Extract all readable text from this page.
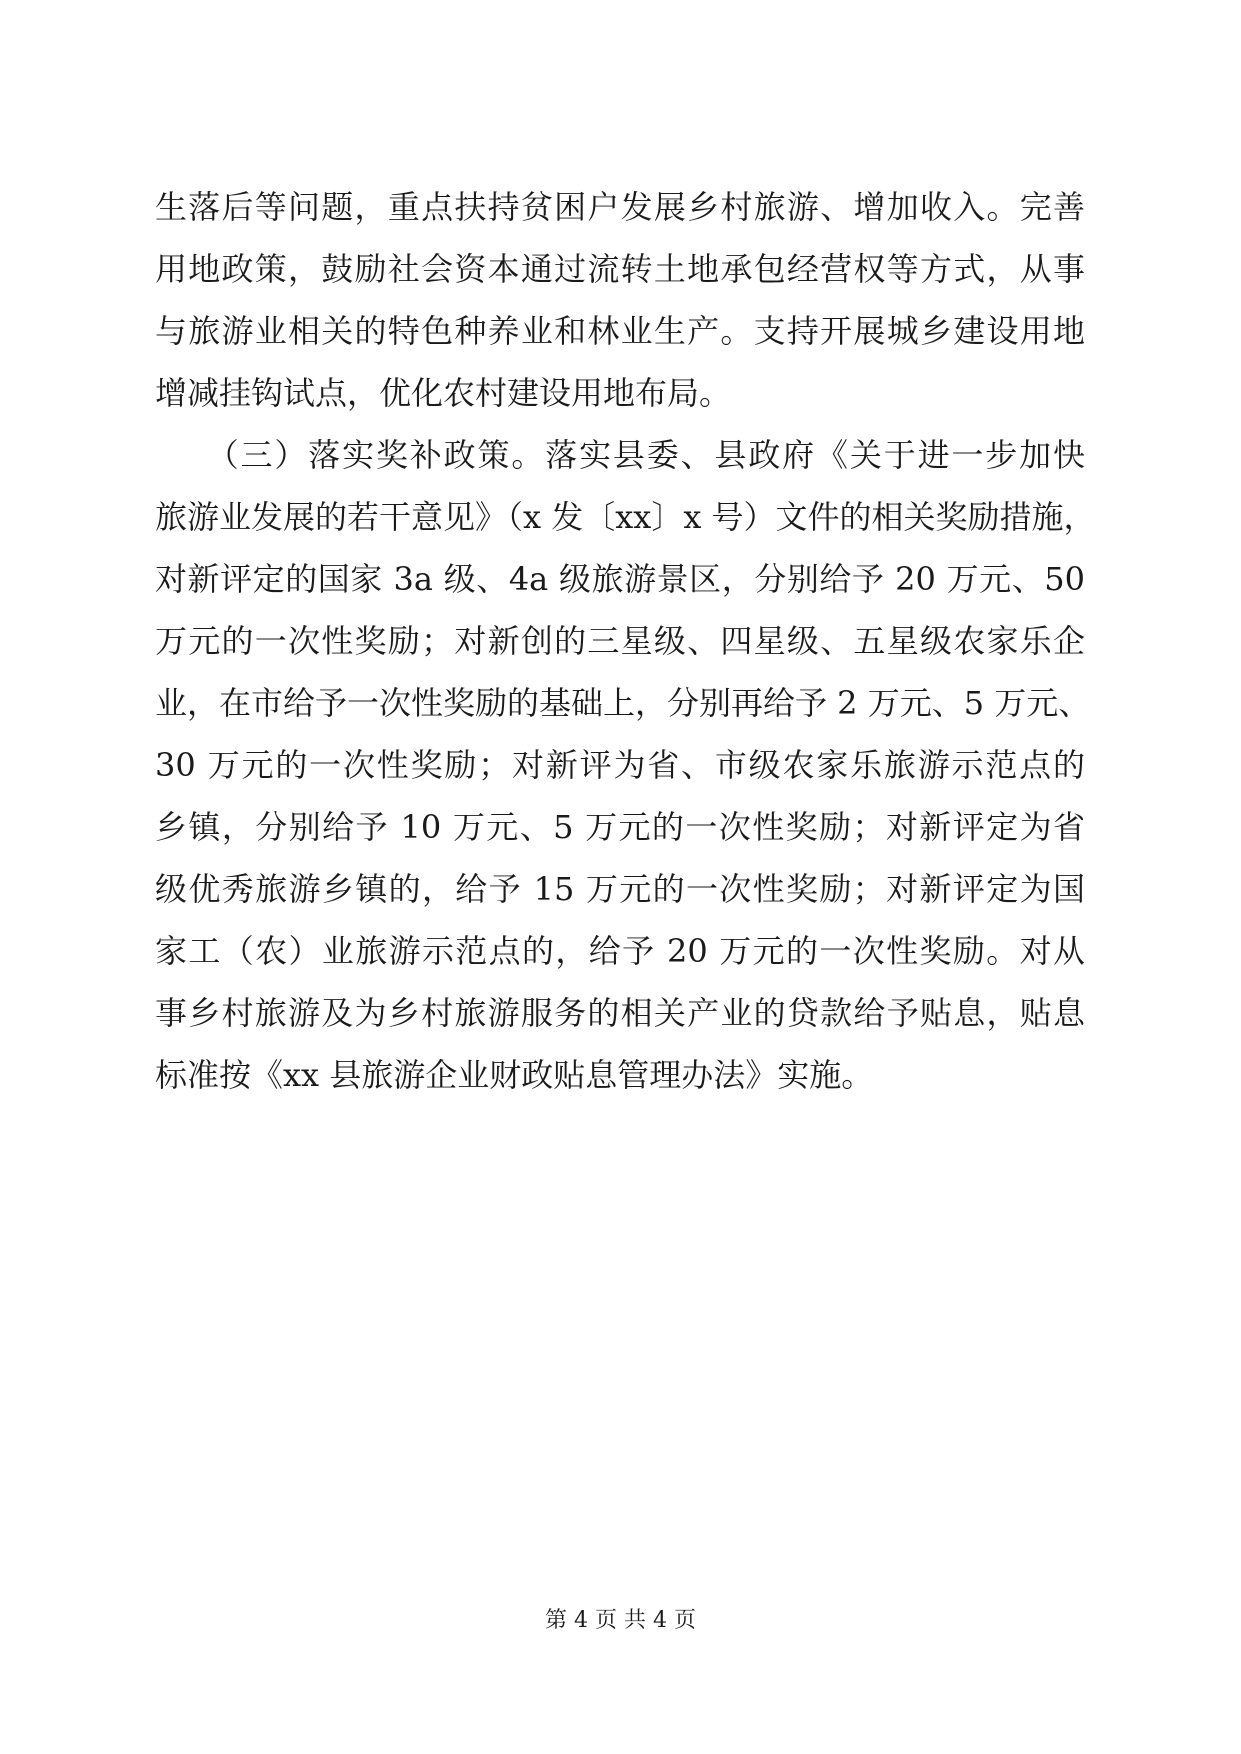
生落后等问题，重点扶持贫困户发展乡村旅游、增加收入。完善
用地政策，鼓励社会资本通过流转土地承包经营权等方式，从事
与旅游业相关的特色种养业和林业生产。支持开展城乡建设用地
增减挂钩试点，优化农村建设用地布局。
　　（三）落实奖补政策。落实县委、县政府《关于进一步加快
旅游业发展的若干意见》（x 发〔xx〕x 号）文件的相关奖励措施，
对新评定的国家 3a 级、4a 级旅游景区，分别给予 20 万元、50
万元的一次性奖励；对新创的三星级、四星级、五星级农家乐企
业，在市给予一次性奖励的基础上，分别再给予 2 万元、5 万元、
30 万元的一次性奖励；对新评为省、市级农家乐旅游示范点的
乡镇，分别给予 10 万元、5 万元的一次性奖励；对新评定为省
级优秀旅游乡镇的，给予 15 万元的一次性奖励；对新评定为国
家工（农）业旅游示范点的，给予 20 万元的一次性奖励。对从
事乡村旅游及为乡村旅游服务的相关产业的贷款给予贴息，贴息
标准按《xx 县旅游企业财政贴息管理办法》实施。
第 4 页 共 4 页
